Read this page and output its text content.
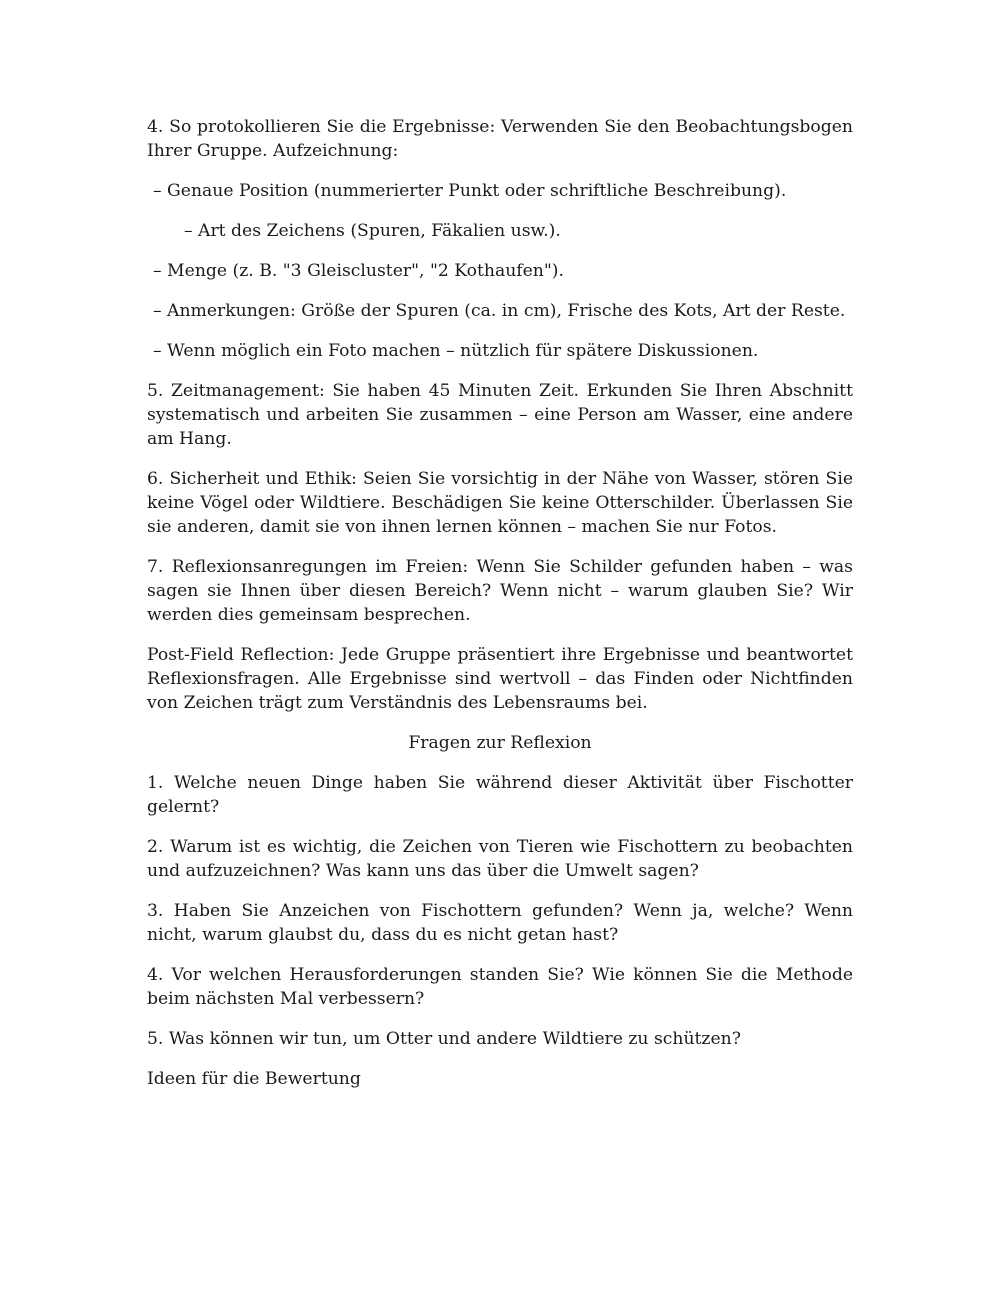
4. So protokollieren Sie die Ergebnisse: Verwenden Sie den Beobachtungsbogen Ihrer Gruppe. Aufzeichnung:

– Genaue Position (nummerierter Punkt oder schriftliche Beschreibung).

– Art des Zeichens (Spuren, Fäkalien usw.).

– Menge (z. B. "3 Gleiscluster", "2 Kothaufen").

– Anmerkungen: Größe der Spuren (ca. in cm), Frische des Kots, Art der Reste.

– Wenn möglich ein Foto machen – nützlich für spätere Diskussionen.

5. Zeitmanagement: Sie haben 45 Minuten Zeit. Erkunden Sie Ihren Abschnitt systematisch und arbeiten Sie zusammen – eine Person am Wasser, eine andere am Hang.

6. Sicherheit und Ethik: Seien Sie vorsichtig in der Nähe von Wasser, stören Sie keine Vögel oder Wildtiere. Beschädigen Sie keine Otterschilder. Überlassen Sie sie anderen, damit sie von ihnen lernen können – machen Sie nur Fotos.

7. Reflexionsanregungen im Freien: Wenn Sie Schilder gefunden haben – was sagen sie Ihnen über diesen Bereich? Wenn nicht – warum glauben Sie? Wir werden dies gemeinsam besprechen.

Post-Field Reflection: Jede Gruppe präsentiert ihre Ergebnisse und beantwortet Reflexionsfragen. Alle Ergebnisse sind wertvoll – das Finden oder Nichtfinden von Zeichen trägt zum Verständnis des Lebensraums bei.

Fragen zur Reflexion

1. Welche neuen Dinge haben Sie während dieser Aktivität über Fischotter gelernt?

2. Warum ist es wichtig, die Zeichen von Tieren wie Fischottern zu beobachten und aufzuzeichnen? Was kann uns das über die Umwelt sagen?

3. Haben Sie Anzeichen von Fischottern gefunden? Wenn ja, welche? Wenn nicht, warum glaubst du, dass du es nicht getan hast?

4. Vor welchen Herausforderungen standen Sie? Wie können Sie die Methode beim nächsten Mal verbessern?

5. Was können wir tun, um Otter und andere Wildtiere zu schützen?

Ideen für die Bewertung
